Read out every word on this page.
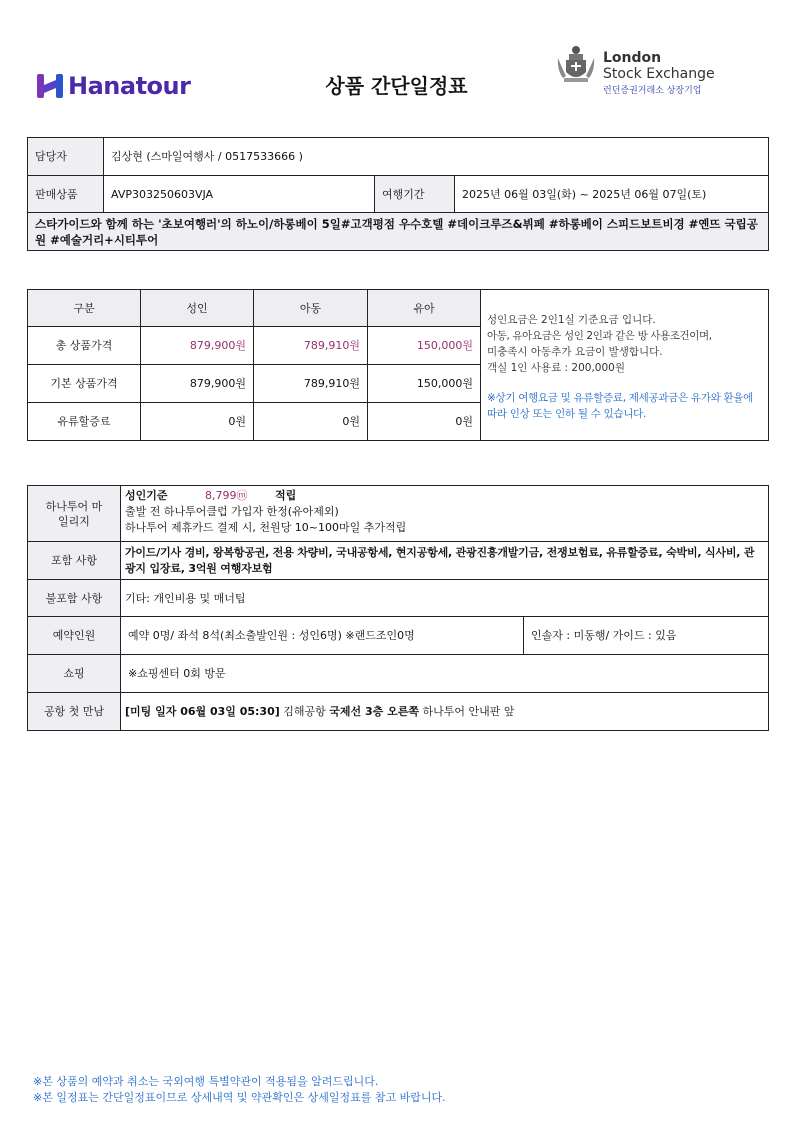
Hanatour	상품 간단일정표
London
Stock Exchange
런던증권거래소 상장기업
담당자	김상현 (스마일여행사 / 0517533666 )		
판매상품	AVP303250603VJA	여행기간	2025년 06월 03일(화) ~ 2025년 06월 07일(토)
스타가이드와 함께 하는 '초보여행러'의 하노이/하롱베이 5일#고객평점 우수호텔 #데이크루즈&뷔페 #하롱베이 스피드보트비경 #옌뜨 국립공원 #예술거리+시티투어			
구분	성인	아동	유아	성인요금은 2인1실 기준요금 입니다.
아동, 유아요금은 성인 2인과 같은 방 사용조건이며,
미충족시 아동추가 요금이 발생합니다.
객실 1인 사용료 : 200,000원
※상기 여행요금 및 유류할증료, 제세공과금은 유가와 환율에 따라 인상 또는 인하 될 수 있습니다.

총 상품가격	879,900원	789,910원	150,000원	
기본 상품가격	879,900원	789,910원	150,000원	
유류할증료	0원	0원	0원	
하나투어 마일리지	성인기준 8,799ⓜ 적립
출발 전 하나투어클럽 가입자 한정(유아제외)
하나투어 제휴카드 결제 시, 천원당 10~100마일 추가적립	

포함 사항	가이드/기사 경비, 왕복항공권, 전용 차량비, 국내공항세, 현지공항세, 관광진흥개발기금, 전쟁보험료, 유류할증료, 숙박비, 식사비, 관광지 입장료, 3억원 여행자보험	
불포함 사항	기타: 개인비용 및 매너팁	
예약인원	예약 0명/ 좌석 8석(최소출발인원 : 성인6명) ※랜드조인0명	인솔자 : 미동행/ 가이드 : 있음
쇼핑	※쇼핑센터 0회 방문	
공항 첫 만남	[미팅 일자 06월 03일 05:30] 김해공항 국제선 3층 오른쪽 하나투어 안내판 앞	
※본 상품의 예약과 취소는 국외여행 특별약관이 적용됨을 알려드립니다.
※본 일정표는 간단일정표이므로 상세내역 및 약관확인은 상세일정표를 참고 바랍니다.
